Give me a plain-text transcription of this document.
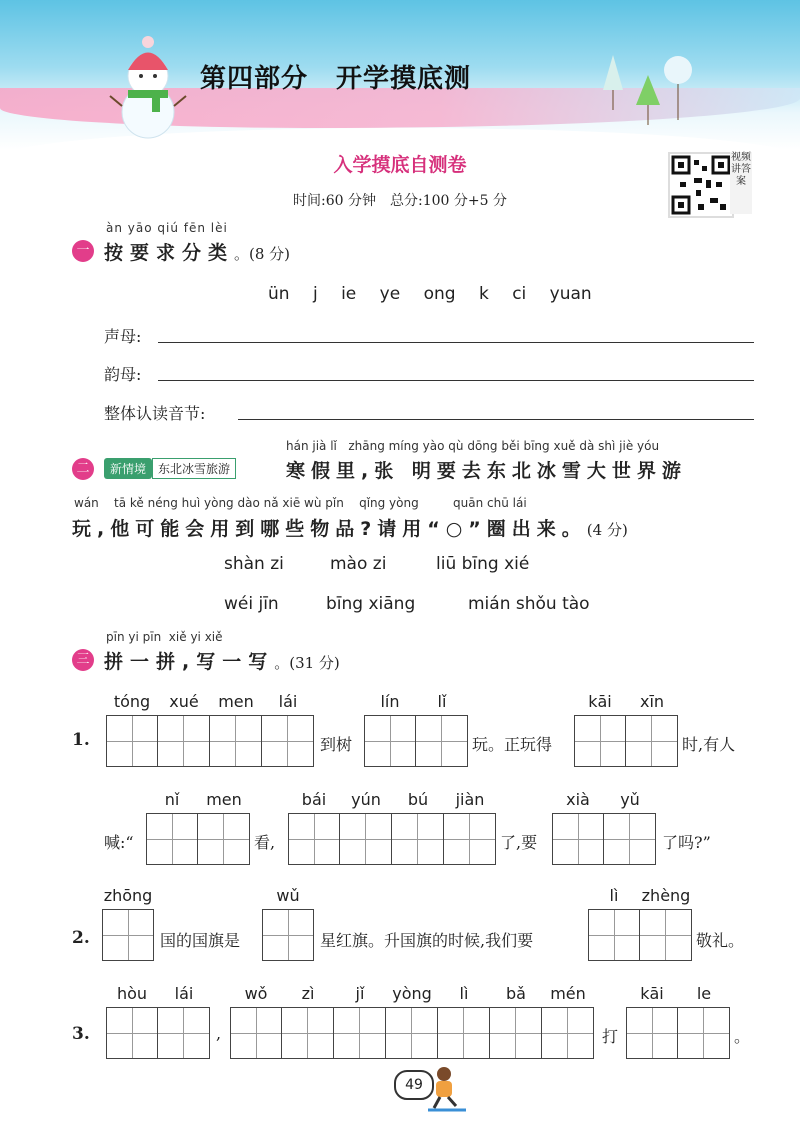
第四部分 开学摸底测
入学摸底自测卷
时间:60 分钟　总分:100 分+5 分
视频讲答案
àn yāo qiú fēn lèi
一 按要求分类。(8 分)
ün j ie ye ong k ci yuan
声母:
韵母:
整体认读音节:
hán jià lǐ   zhāng míng yào qù dōng běi bīng xuě dà shì jiè yóu
二	新情境	东北冰雪旅游	寒假里,张 明要去东北冰雪大世界游
wán    tā kě néng huì yòng dào nǎ xiē wù pǐn    qǐng yòng         quān chū lái
玩,他可能会用到哪些物品?请用“○”圈出来。(4 分)
shàn zi	mào zi	liū bīng xié
wéi jīn	bīng xiāng	mián shǒu tào
pīn yi pīn  xiě yi xiě
三 拼一拼,写一写。(31 分)
1.
tóng	xué	men	lái
到树
lín	lǐ
玩。正玩得
kāi	xīn
时,有人
喊:“
nǐ	men
看,
bái	yún	bú	jiàn
了,要
xià	yǔ
了吗?”
2.
zhōng
国的国旗是
wǔ
星红旗。升国旗的时候,我们要
lì	zhèng
敬礼。
3.
hòu	lái
,
wǒ	zì	jǐ	yòng	lì	bǎ	mén
打
kāi	le
。
49
